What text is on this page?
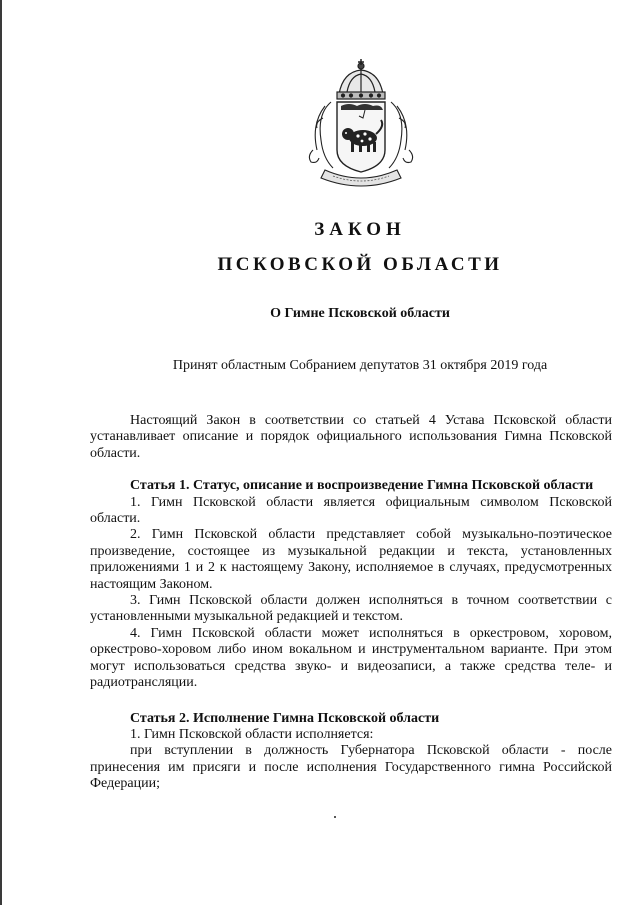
ЗАКОН
ПСКОВСКОЙ ОБЛАСТИ

О Гимне Псковской области

Принят областным Собранием депутатов 31 октября 2019 года

Настоящий Закон в соответствии со статьей 4 Устава Псковской области устанавливает описание и порядок официального использования Гимна Псковской области.

Статья 1. Статус, описание и воспроизведение Гимна Псковской области

1. Гимн Псковской области является официальным символом Псковской области.

2. Гимн Псковской области представляет собой музыкально-поэтическое произведение, состоящее из музыкальной редакции и текста, установленных приложениями 1 и 2 к настоящему Закону, исполняемое в случаях, предусмотренных настоящим Законом.

3. Гимн Псковской области должен исполняться в точном соответствии с установленными музыкальной редакцией и текстом.

4. Гимн Псковской области может исполняться в оркестровом, хоровом, оркестрово-хоровом либо ином вокальном и инструментальном варианте. При этом могут использоваться средства звуко- и видеозаписи, а также средства теле- и радиотрансляции.

Статья 2. Исполнение Гимна Псковской области

1. Гимн Псковской области исполняется:

при вступлении в должность Губернатора Псковской области - после принесения им присяги и после исполнения Государственного гимна Российской Федерации;
